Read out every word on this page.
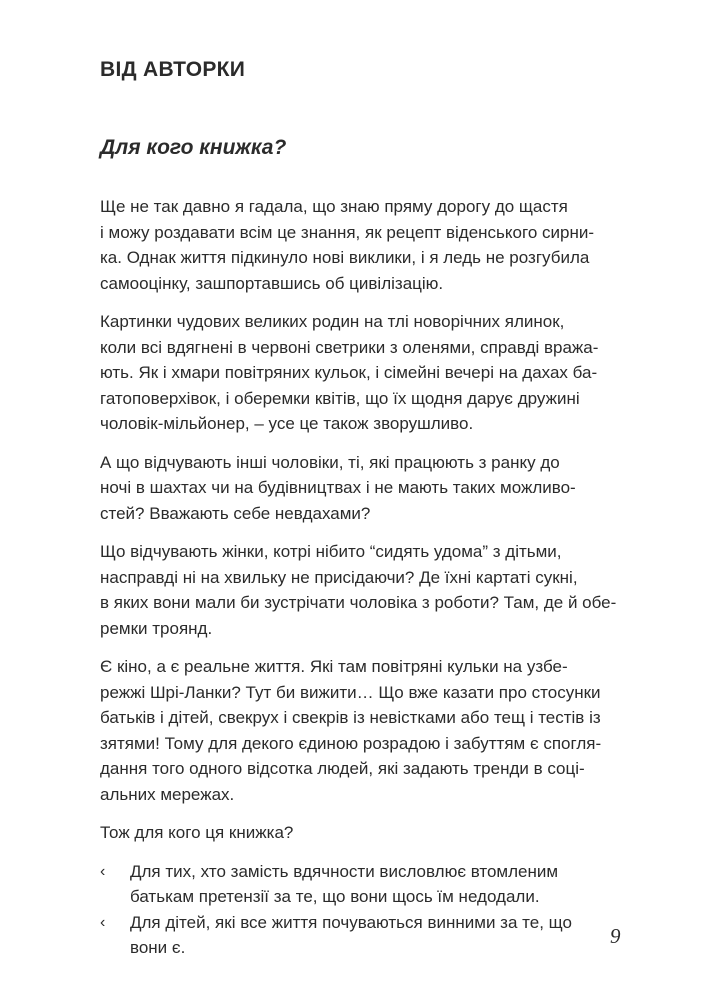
ВІД АВТОРКИ
Для кого книжка?

Ще не так давно я гадала, що знаю пряму дорогу до щастя

і можу роздавати всім це знання, як рецепт віденського сирни-

ка. Однак життя підкинуло нові виклики, і я ледь не розгубила

самооцінку, зашпортавшись об цивілізацію.

Картинки чудових великих родин на тлі новорічних ялинок,

коли всі вдягнені в червоні светрики з оленями, справді вража-

ють. Як і хмари повітряних кульок, і сімейні вечері на дахах ба-

гатоповерхівок, і оберемки квітів, що їх щодня дарує дружині

чоловік-мільйонер, – усе це також зворушливо.

А що відчувають інші чоловіки, ті, які працюють з ранку до

ночі в шахтах чи на будівництвах і не мають таких можливо-

стей? Вважають себе невдахами?

Що відчувають жінки, котрі нібито “сидять удома” з дітьми,

насправді ні на хвильку не присідаючи? Де їхні картаті сукні,

в яких вони мали би зустрічати чоловіка з роботи? Там, де й обе-

ремки троянд.

Є кіно, а є реальне життя. Які там повітряні кульки на узбе-

режжі Шрі-Ланки? Тут би вижити… Що вже казати про стосунки

батьків і дітей, свекрух і свекрів із невістками або тещ і тестів із

зятями! Тому для декого єдиною розрадою і забуттям є спогля-

дання того одного відсотка людей, які задають тренди в соці-

альних мережах.

Тож для кого ця книжка?

‹ Для тих, хто замість вдячности висловлює втомленим

батькам претензії за те, що вони щось їм недодали.

‹ Для дітей, які все життя почуваються винними за те, що

вони є.	9
